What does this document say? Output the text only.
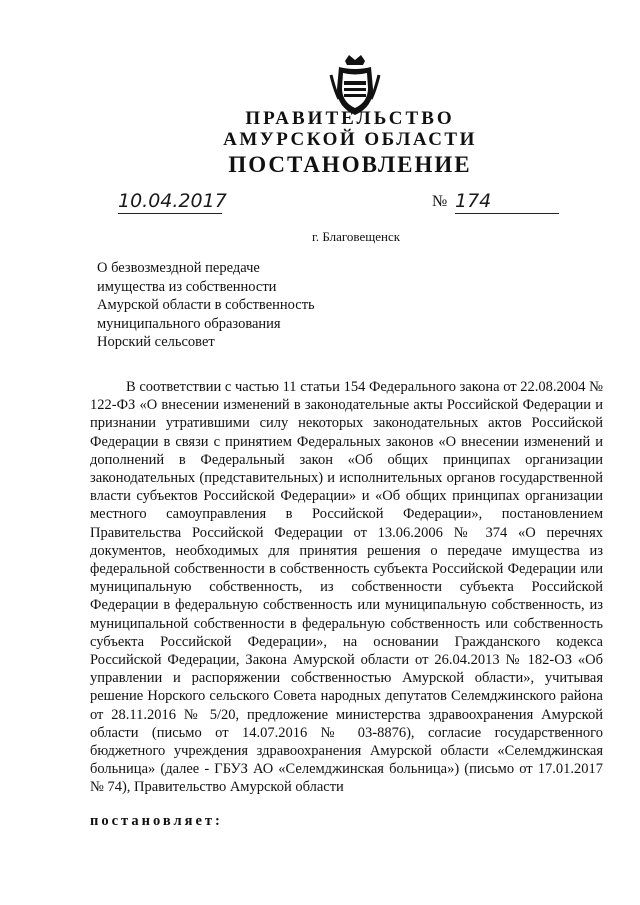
ПРАВИТЕЛЬСТВО
АМУРСКОЙ ОБЛАСТИ
ПОСТАНОВЛЕНИЕ
10.04.2017	№ 174
г. Благовещенск
О безвозмездной передаче
имущества из собственности
Амурской области в собственность
муниципального образования
Норский сельсовет
В соответствии с частью 11 статьи 154 Федерального закона от 22.08.2004 № 122-ФЗ «О внесении изменений в законодательные акты Российской Федерации и признании утратившими силу некоторых законодательных актов Российской Федерации в связи с принятием Федеральных законов «О внесении изменений и дополнений в Федеральный закон «Об общих принципах организации законодательных (представительных) и исполнительных органов государственной власти субъектов Российской Федерации» и «Об общих принципах организации местного самоуправления в Российской Федерации», постановлением Правительства Российской Федерации от 13.06.2006 № 374 «О перечнях документов, необходимых для принятия решения о передаче имущества из федеральной собственности в собственность субъекта Российской Федерации или муниципальную собственность, из собственности субъекта Российской Федерации в федеральную собственность или муниципальную собственность, из муниципальной собственности в федеральную собственность или собственность субъекта Российской Федерации», на основании Гражданского кодекса Российской Федерации, Закона Амурской области от 26.04.2013 № 182-ОЗ «Об управлении и распоряжении собственностью Амурской области», учитывая решение Норского сельского Совета народных депутатов Селемджинского района от 28.11.2016 № 5/20, предложение министерства здравоохранения Амурской области (письмо от 14.07.2016 № 03-8876), согласие государственного бюджетного учреждения здравоохранения Амурской области «Селемджинская больница» (далее - ГБУЗ АО «Селемджинская больница») (письмо от 17.01.2017 № 74), Правительство Амурской области
постановляет:
